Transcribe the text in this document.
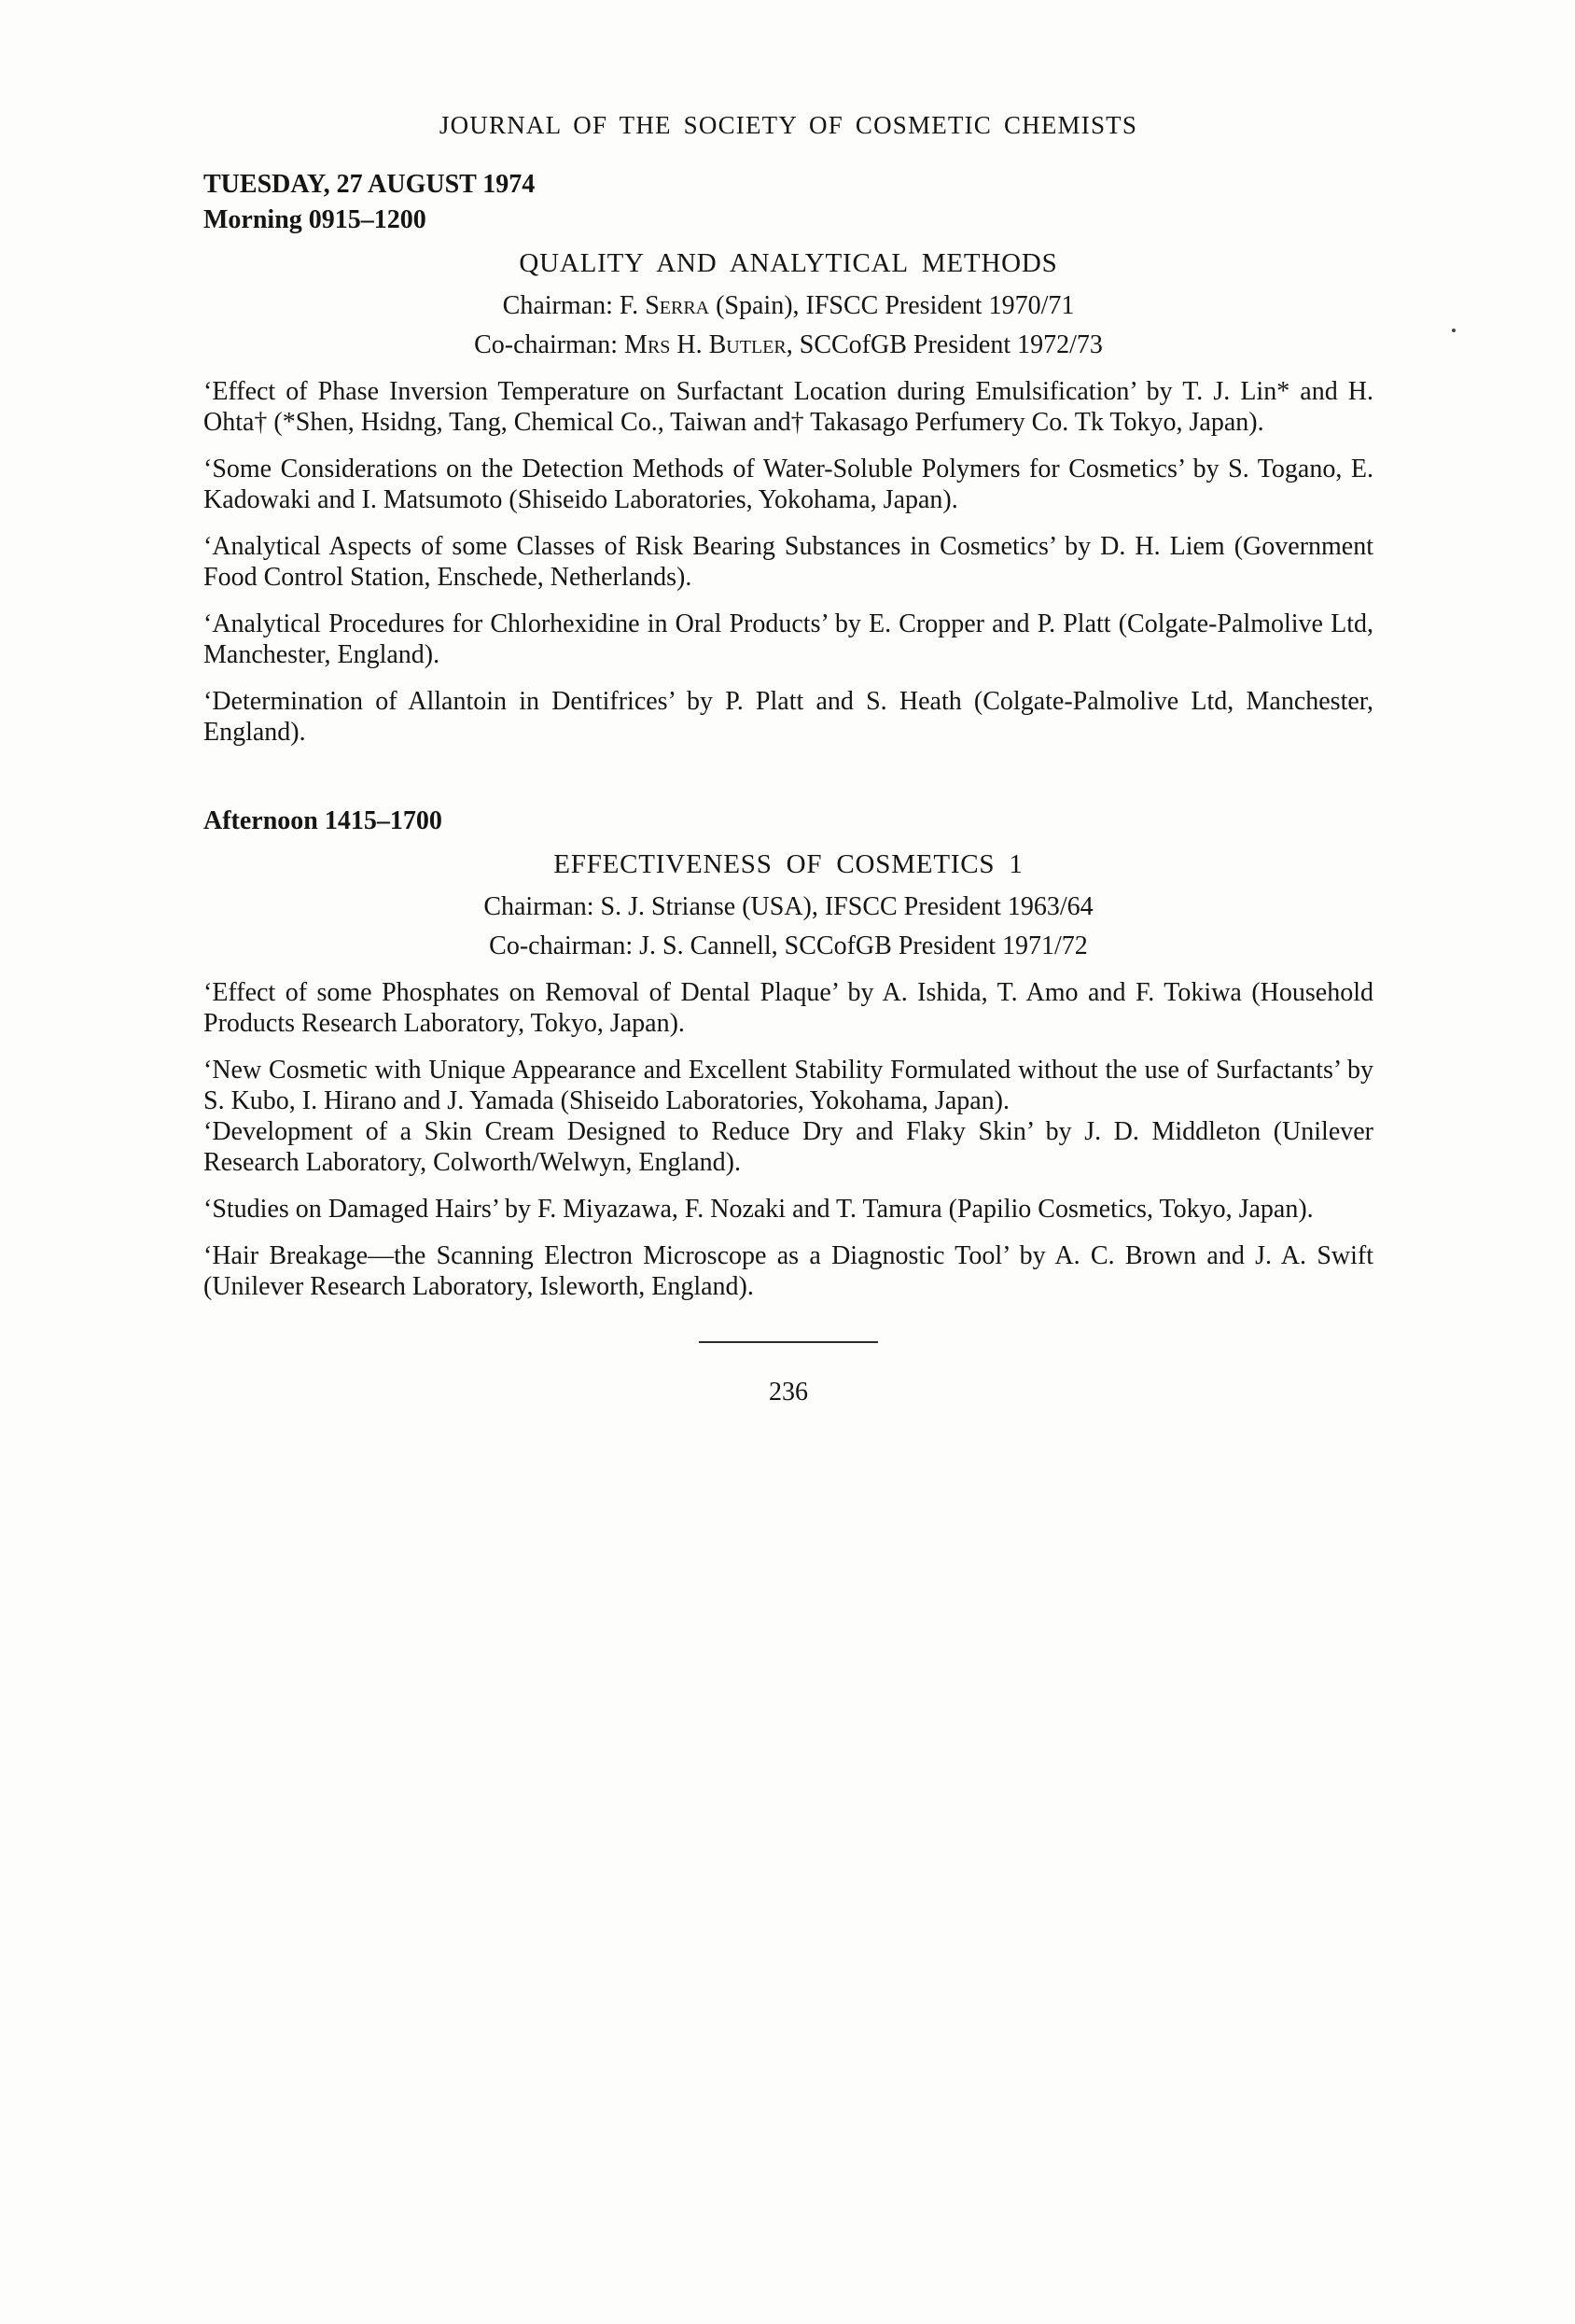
JOURNAL OF THE SOCIETY OF COSMETIC CHEMISTS

TUESDAY, 27 AUGUST 1974

Morning 0915–1200

QUALITY AND ANALYTICAL METHODS

Chairman: F. Serra (Spain), IFSCC President 1970/71

Co-chairman: Mrs H. Butler, SCCofGB President 1972/73

‘Effect of Phase Inversion Temperature on Surfactant Location during Emulsification’ by T. J. Lin* and H. Ohta† (*Shen, Hsidng, Tang, Chemical Co., Taiwan and† Takasago Perfumery Co. Tk Tokyo, Japan).

‘Some Considerations on the Detection Methods of Water-Soluble Polymers for Cosmetics’ by S. Togano, E. Kadowaki and I. Matsumoto (Shiseido Laboratories, Yokohama, Japan).

‘Analytical Aspects of some Classes of Risk Bearing Substances in Cosmetics’ by D. H. Liem (Government Food Control Station, Enschede, Netherlands).

‘Analytical Procedures for Chlorhexidine in Oral Products’ by E. Cropper and P. Platt (Colgate-Palmolive Ltd, Manchester, England).

‘Determination of Allantoin in Dentifrices’ by P. Platt and S. Heath (Colgate-Palmolive Ltd, Manchester, England).

Afternoon 1415–1700

EFFECTIVENESS OF COSMETICS 1

Chairman: S. J. Strianse (USA), IFSCC President 1963/64

Co-chairman: J. S. Cannell, SCCofGB President 1971/72

‘Effect of some Phosphates on Removal of Dental Plaque’ by A. Ishida, T. Amo and F. Tokiwa (Household Products Research Laboratory, Tokyo, Japan).

‘New Cosmetic with Unique Appearance and Excellent Stability Formulated without the use of Surfactants’ by S. Kubo, I. Hirano and J. Yamada (Shiseido Laboratories, Yokohama, Japan).

‘Development of a Skin Cream Designed to Reduce Dry and Flaky Skin’ by J. D. Middleton (Unilever Research Laboratory, Colworth/Welwyn, England).

‘Studies on Damaged Hairs’ by F. Miyazawa, F. Nozaki and T. Tamura (Papilio Cosmetics, Tokyo, Japan).

‘Hair Breakage—the Scanning Electron Microscope as a Diagnostic Tool’ by A. C. Brown and J. A. Swift (Unilever Research Laboratory, Isleworth, England).

236
